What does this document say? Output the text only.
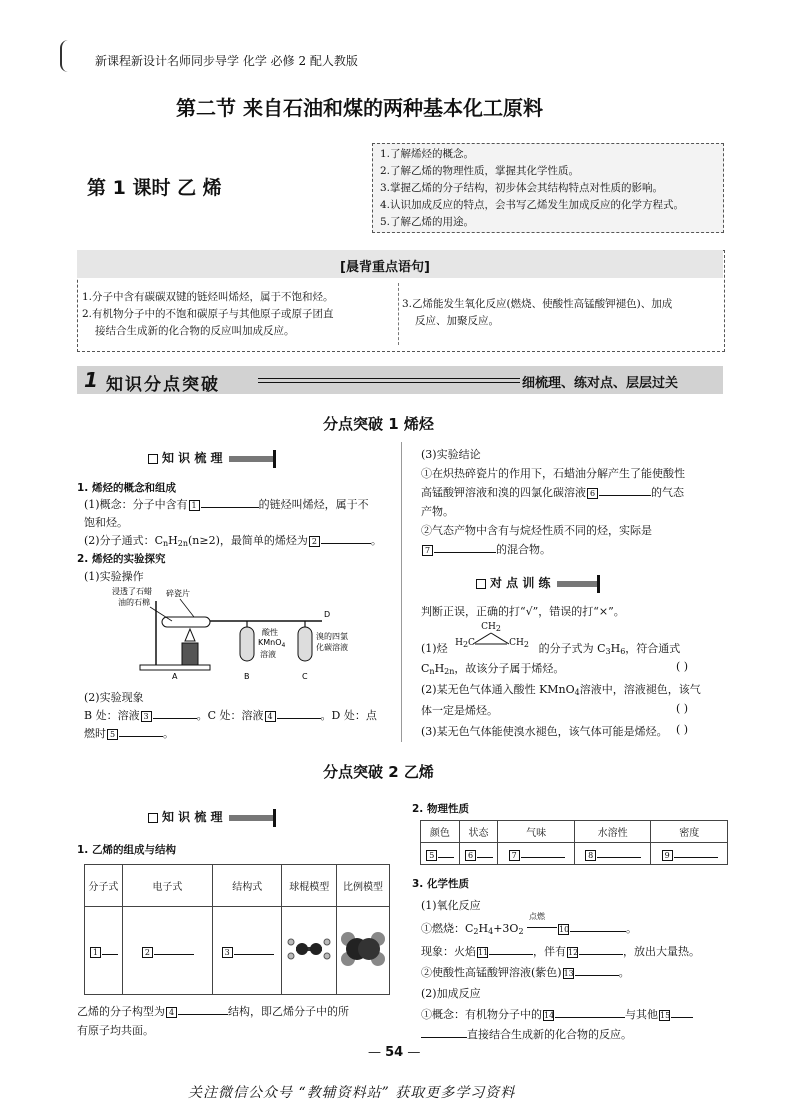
新课程新设计名师同步导学 化学 必修 2 配人教版
第二节 来自石油和煤的两种基本化工原料
第 1 课时 乙 烯
1.了解烯烃的概念。
2.了解乙烯的物理性质，掌握其化学性质。
3.掌握乙烯的分子结构，初步体会其结构特点对性质的影响。
4.认识加成反应的特点，会书写乙烯发生加成反应的化学方程式。
5.了解乙烯的用途。
[晨背重点语句]
1.分子中含有碳碳双键的链烃叫烯烃，属于不饱和烃。
2.有机物分子中的不饱和碳原子与其他原子或原子团直
接结合生成新的化合物的反应叫加成反应。
3.乙烯能发生氧化反应(燃烧、使酸性高锰酸钾褪色)、加成
反应、加聚反应。
1 知识分点突破	细梳理、练对点、层层过关
分点突破 1 烯烃
知 识 梳 理
1. 烯烃的概念和组成
(1)概念：分子中含有 1	的链烃叫烯烃，属于不
饱和烃。
(2)分子通式：$C_nH_{2n}(n\ge 2)$，最简单的烯烃为 2	。
2. 烯烃的实验探究
(1)实验操作
浸透了石蜡
油的石棉
碎瓷片
D
酸性
KMnO$_4$
溶液
溴的四氯
化碳溶液
A	B	C
(2)实验现象
B 处：溶液 3	。C 处：溶液 4	。D 处：点
燃时 5	。
(3)实验结论
①在炽热碎瓷片的作用下，石蜡油分解产生了能使酸性
高锰酸钾溶液和溴的四氯化碳溶液 6	的气态
产物。
②气态产物中含有与烷烃性质不同的烃，实际是
7	的混合物。
对 点 训 练
判断正误，正确的打“√”，错误的打“×”。
(1)烃
$CH_2$
$H_2C$	$CH_2$ 的分子式为 $C_3H_6$，符合通式
$C_nH_{2n}$，故该分子属于烯烃。	( )
(2)某无色气体通入酸性 KMnO$_4$溶液中，溶液褪色，该气
体一定是烯烃。	( )
(3)某无色气体能使溴水褪色，该气体可能是烯烃。 ( )
分点突破 2 乙烯
知 识 梳 理
1. 乙烯的组成与结构
分子式	电子式	结构式	球棍模型	比例模型
1	2	3		
乙烯的分子构型为 4	结构，即乙烯分子中的所
有原子均共面。
2. 物理性质
颜色	状态	气味	水溶性	密度
5	6	7	8	9
3. 化学性质
(1)氧化反应
①燃烧：$C_2H_4+3O_2$
点燃
10	。
现象：火焰 11	，伴有 12	，放出大量热。
②使酸性高锰酸钾溶液(紫色) 13	。
(2)加成反应
①概念：有机物分子中的 14	与其他 15
直接结合生成新的化合物的反应。
— 54 —
关注微信公众号 “教辅资料站” 获取更多学习资料
